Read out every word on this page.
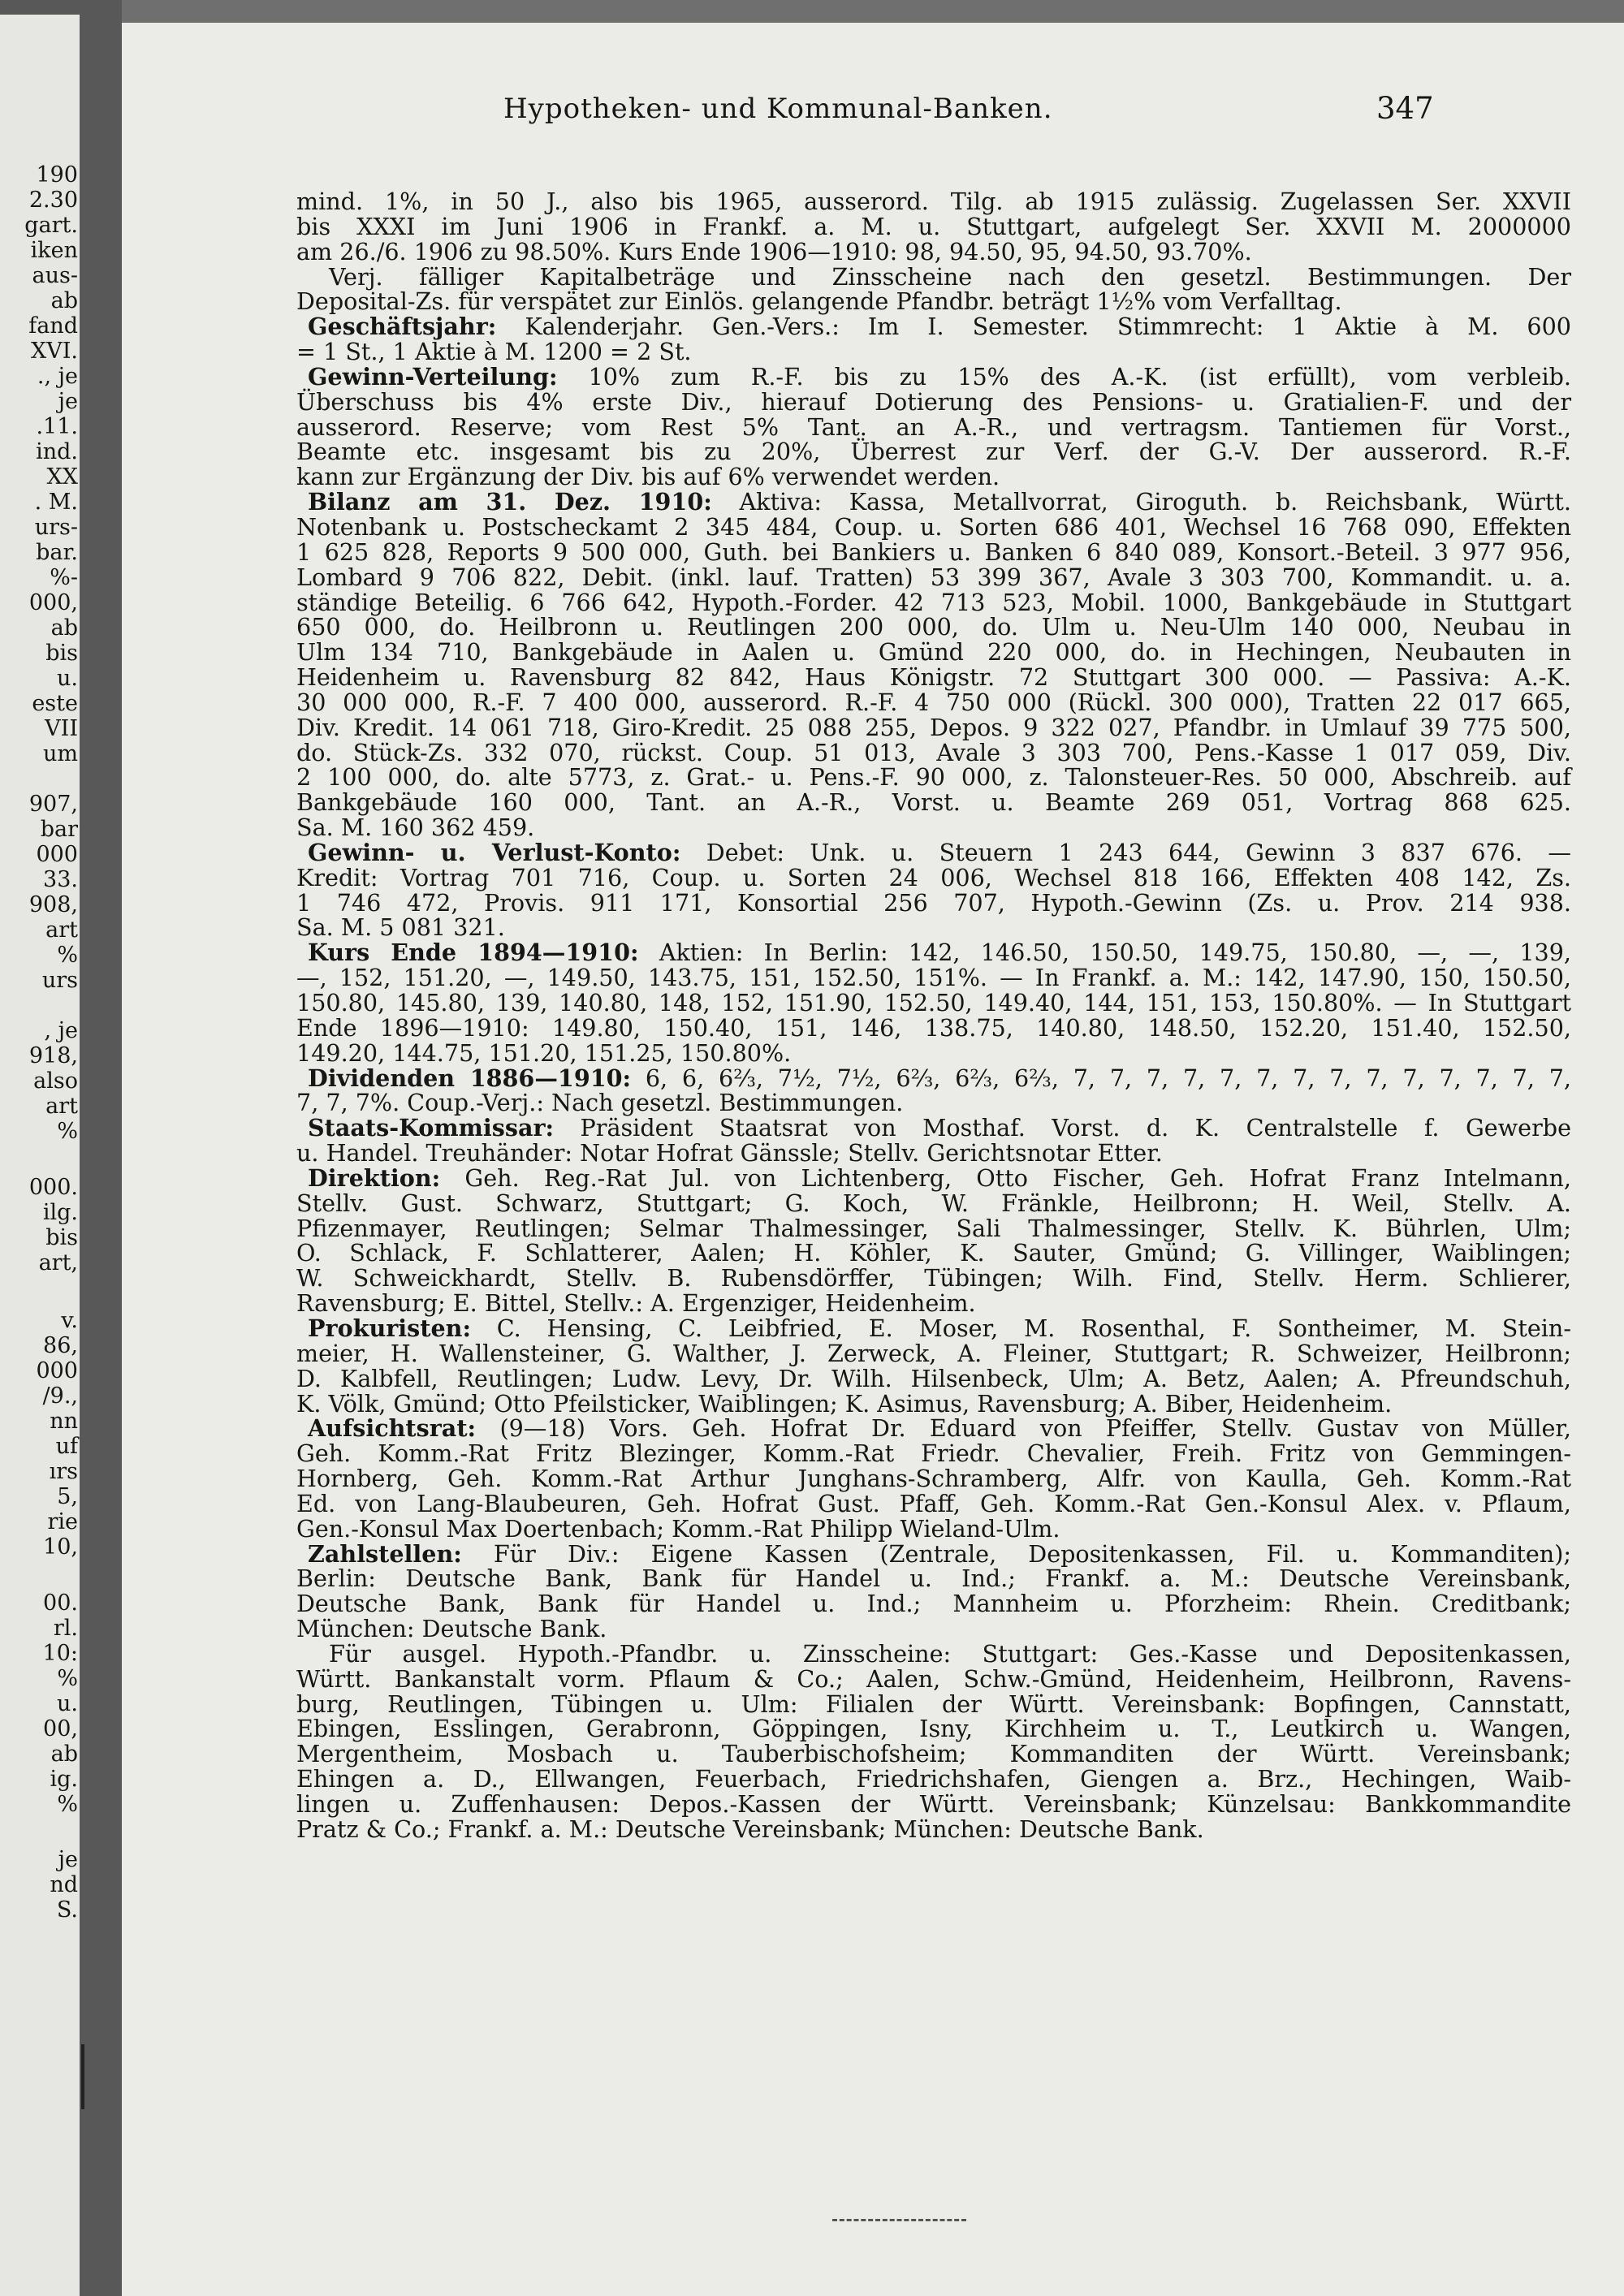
190
2.30
gart.
iken
aus-
ab
fand
XVI.
., je
je
.11.
ind.
XX
. M.
urs-
bar.
%-
000,
ab
bis
u.
este
VII
um
907,
bar
000
33.
908,
art
%
urs
, je
918,
also
art
%
000.
ilg.
bis
art,
v.
86,
000
/9.,
nn
uf
ırs
5,
rie
10,
00.
rl.
10:
%
u.
00,
ab
ig.
%
je
nd
S.
Hypotheken- und Kommunal-Banken.	347
mind. 1%, in 50 J., also bis 1965, ausserord. Tilg. ab 1915 zulässig. Zugelassen Ser. XXVII
bis XXXI im Juni 1906 in Frankf. a. M. u. Stuttgart, aufgelegt Ser. XXVII M. 2000000
am 26./6. 1906 zu 98.50%. Kurs Ende 1906—1910: 98, 94.50, 95, 94.50, 93.70%.
Verj. fälliger Kapitalbeträge und Zinsscheine nach den gesetzl. Bestimmungen. Der
Deposital-Zs. für verspätet zur Einlös. gelangende Pfandbr. beträgt 1½% vom Verfalltag.
Geschäftsjahr: Kalenderjahr. Gen.-Vers.: Im I. Semester. Stimmrecht: 1 Aktie à M. 600
= 1 St., 1 Aktie à M. 1200 = 2 St.
Gewinn-Verteilung: 10% zum R.-F. bis zu 15% des A.-K. (ist erfüllt), vom verbleib.
Überschuss bis 4% erste Div., hierauf Dotierung des Pensions- u. Gratialien-F. und der
ausserord. Reserve; vom Rest 5% Tant. an A.-R., und vertragsm. Tantiemen für Vorst.,
Beamte etc. insgesamt bis zu 20%, Überrest zur Verf. der G.-V. Der ausserord. R.-F.
kann zur Ergänzung der Div. bis auf 6% verwendet werden.
Bilanz am 31. Dez. 1910: Aktiva: Kassa, Metallvorrat, Giroguth. b. Reichsbank, Württ.
Notenbank u. Postscheckamt 2 345 484, Coup. u. Sorten 686 401, Wechsel 16 768 090, Effekten
1 625 828, Reports 9 500 000, Guth. bei Bankiers u. Banken 6 840 089, Konsort.-Beteil. 3 977 956,
Lombard 9 706 822, Debit. (inkl. lauf. Tratten) 53 399 367, Avale 3 303 700, Kommandit. u. a.
ständige Beteilig. 6 766 642, Hypoth.-Forder. 42 713 523, Mobil. 1000, Bankgebäude in Stuttgart
650 000, do. Heilbronn u. Reutlingen 200 000, do. Ulm u. Neu-Ulm 140 000, Neubau in
Ulm 134 710, Bankgebäude in Aalen u. Gmünd 220 000, do. in Hechingen, Neubauten in
Heidenheim u. Ravensburg 82 842, Haus Königstr. 72 Stuttgart 300 000. — Passiva: A.-K.
30 000 000, R.-F. 7 400 000, ausserord. R.-F. 4 750 000 (Rückl. 300 000), Tratten 22 017 665,
Div. Kredit. 14 061 718, Giro-Kredit. 25 088 255, Depos. 9 322 027, Pfandbr. in Umlauf 39 775 500,
do. Stück-Zs. 332 070, rückst. Coup. 51 013, Avale 3 303 700, Pens.-Kasse 1 017 059, Div.
2 100 000, do. alte 5773, z. Grat.- u. Pens.-F. 90 000, z. Talonsteuer-Res. 50 000, Abschreib. auf
Bankgebäude 160 000, Tant. an A.-R., Vorst. u. Beamte 269 051, Vortrag 868 625.
Sa. M. 160 362 459.
Gewinn- u. Verlust-Konto: Debet: Unk. u. Steuern 1 243 644, Gewinn 3 837 676. —
Kredit: Vortrag 701 716, Coup. u. Sorten 24 006, Wechsel 818 166, Effekten 408 142, Zs.
1 746 472, Provis. 911 171, Konsortial 256 707, Hypoth.-Gewinn (Zs. u. Prov. 214 938.
Sa. M. 5 081 321.
Kurs Ende 1894—1910: Aktien: In Berlin: 142, 146.50, 150.50, 149.75, 150.80, —, —, 139,
—, 152, 151.20, —, 149.50, 143.75, 151, 152.50, 151%. — In Frankf. a. M.: 142, 147.90, 150, 150.50,
150.80, 145.80, 139, 140.80, 148, 152, 151.90, 152.50, 149.40, 144, 151, 153, 150.80%. — In Stuttgart
Ende 1896—1910: 149.80, 150.40, 151, 146, 138.75, 140.80, 148.50, 152.20, 151.40, 152.50,
149.20, 144.75, 151.20, 151.25, 150.80%.
Dividenden 1886—1910: 6, 6, 6⅔, 7½, 7½, 6⅔, 6⅔, 6⅔, 7, 7, 7, 7, 7, 7, 7, 7, 7, 7, 7, 7, 7, 7,
7, 7, 7%. Coup.-Verj.: Nach gesetzl. Bestimmungen.
Staats-Kommissar: Präsident Staatsrat von Mosthaf. Vorst. d. K. Centralstelle f. Gewerbe
u. Handel. Treuhänder: Notar Hofrat Gänssle; Stellv. Gerichtsnotar Etter.
Direktion: Geh. Reg.-Rat Jul. von Lichtenberg, Otto Fischer, Geh. Hofrat Franz Intelmann,
Stellv. Gust. Schwarz, Stuttgart; G. Koch, W. Fränkle, Heilbronn; H. Weil, Stellv. A.
Pfizenmayer, Reutlingen; Selmar Thalmessinger, Sali Thalmessinger, Stellv. K. Bührlen, Ulm;
O. Schlack, F. Schlatterer, Aalen; H. Köhler, K. Sauter, Gmünd; G. Villinger, Waiblingen;
W. Schweickhardt, Stellv. B. Rubensdörffer, Tübingen; Wilh. Find, Stellv. Herm. Schlierer,
Ravensburg; E. Bittel, Stellv.: A. Ergenziger, Heidenheim.
Prokuristen: C. Hensing, C. Leibfried, E. Moser, M. Rosenthal, F. Sontheimer, M. Stein-
meier, H. Wallensteiner, G. Walther, J. Zerweck, A. Fleiner, Stuttgart; R. Schweizer, Heilbronn;
D. Kalbfell, Reutlingen; Ludw. Levy, Dr. Wilh. Hilsenbeck, Ulm; A. Betz, Aalen; A. Pfreundschuh,
K. Völk, Gmünd; Otto Pfeilsticker, Waiblingen; K. Asimus, Ravensburg; A. Biber, Heidenheim.
Aufsichtsrat: (9—18) Vors. Geh. Hofrat Dr. Eduard von Pfeiffer, Stellv. Gustav von Müller,
Geh. Komm.-Rat Fritz Blezinger, Komm.-Rat Friedr. Chevalier, Freih. Fritz von Gemmingen-
Hornberg, Geh. Komm.-Rat Arthur Junghans-Schramberg, Alfr. von Kaulla, Geh. Komm.-Rat
Ed. von Lang-Blaubeuren, Geh. Hofrat Gust. Pfaff, Geh. Komm.-Rat Gen.-Konsul Alex. v. Pflaum,
Gen.-Konsul Max Doertenbach; Komm.-Rat Philipp Wieland-Ulm.
Zahlstellen: Für Div.: Eigene Kassen (Zentrale, Depositenkassen, Fil. u. Kommanditen);
Berlin: Deutsche Bank, Bank für Handel u. Ind.; Frankf. a. M.: Deutsche Vereinsbank,
Deutsche Bank, Bank für Handel u. Ind.; Mannheim u. Pforzheim: Rhein. Creditbank;
München: Deutsche Bank.
Für ausgel. Hypoth.-Pfandbr. u. Zinsscheine: Stuttgart: Ges.-Kasse und Depositenkassen,
Württ. Bankanstalt vorm. Pflaum & Co.; Aalen, Schw.-Gmünd, Heidenheim, Heilbronn, Ravens-
burg, Reutlingen, Tübingen u. Ulm: Filialen der Württ. Vereinsbank: Bopfingen, Cannstatt,
Ebingen, Esslingen, Gerabronn, Göppingen, Isny, Kirchheim u. T., Leutkirch u. Wangen,
Mergentheim, Mosbach u. Tauberbischofsheim; Kommanditen der Württ. Vereinsbank;
Ehingen a. D., Ellwangen, Feuerbach, Friedrichshafen, Giengen a. Brz., Hechingen, Waib-
lingen u. Zuffenhausen: Depos.-Kassen der Württ. Vereinsbank; Künzelsau: Bankkommandite
Pratz & Co.; Frankf. a. M.: Deutsche Vereinsbank; München: Deutsche Bank.
